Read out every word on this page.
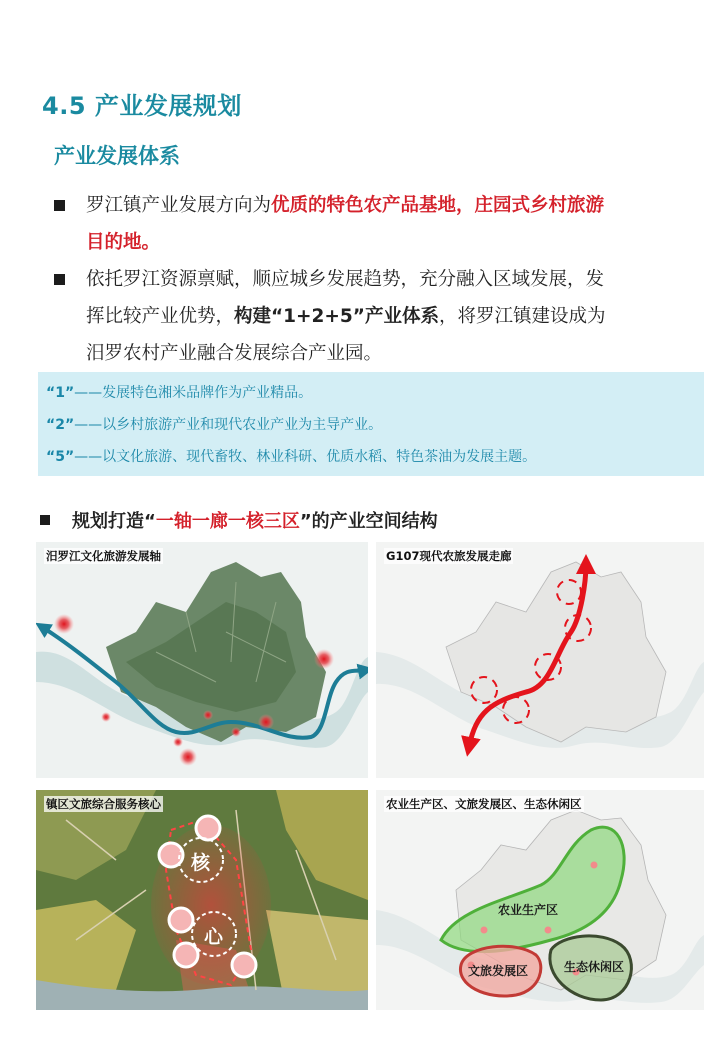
4.5 产业发展规划
产业发展体系
罗江镇产业发展方向为优质的特色农产品基地，庄园式乡村旅游
目的地。
依托罗江资源禀赋，顺应城乡发展趋势，充分融入区域发展，发
挥比较产业优势，构建“1+2+5”产业体系，将罗江镇建设成为
汨罗农村产业融合发展综合产业园。
“1”——发展特色湘米品牌作为产业精品。
“2”——以乡村旅游产业和现代农业产业为主导产业。
“5”——以文化旅游、现代畜牧、林业科研、优质水稻、特色茶油为发展主题。
规划打造“一轴一廊一核三区”的产业空间结构
汨罗江文化旅游发展轴	G107现代农旅发展走廊
镇区文旅综合服务核心
核
心
农业生产区、文旅发展区、生态休闲区
农业生产区
文旅发展区	生态休闲区
